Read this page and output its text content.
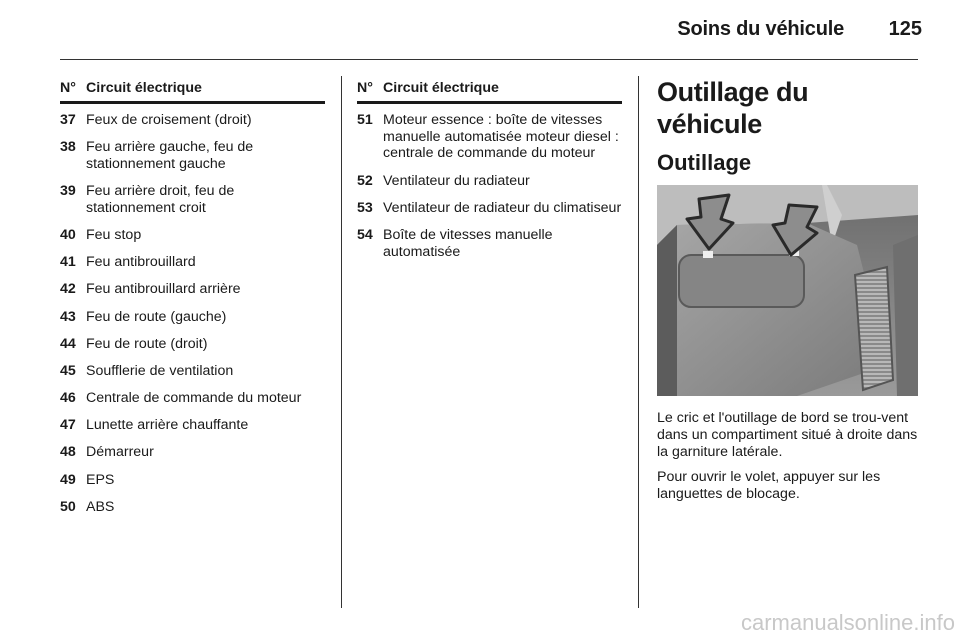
Soins du véhicule 125
N° Circuit électrique
37 Feux de croisement (droit)
38 Feu arrière gauche, feu de stationnement gauche
39 Feu arrière droit, feu de stationnement croit
40 Feu stop
41 Feu antibrouillard
42 Feu antibrouillard arrière
43 Feu de route (gauche)
44 Feu de route (droit)
45 Soufflerie de ventilation
46 Centrale de commande du moteur
47 Lunette arrière chauffante
48 Démarreur
49 EPS
50 ABS
N° Circuit électrique
51 Moteur essence : boîte de vitesses manuelle automatisée moteur diesel : centrale de commande du moteur
52 Ventilateur du radiateur
53 Ventilateur de radiateur du climatiseur
54 Boîte de vitesses manuelle automatisée
Outillage du véhicule
Outillage

Le cric et l'outillage de bord se trou-vent dans un compartiment situé à droite dans la garniture latérale.

Pour ouvrir le volet, appuyer sur les languettes de blocage.

carmanualsonline.info
